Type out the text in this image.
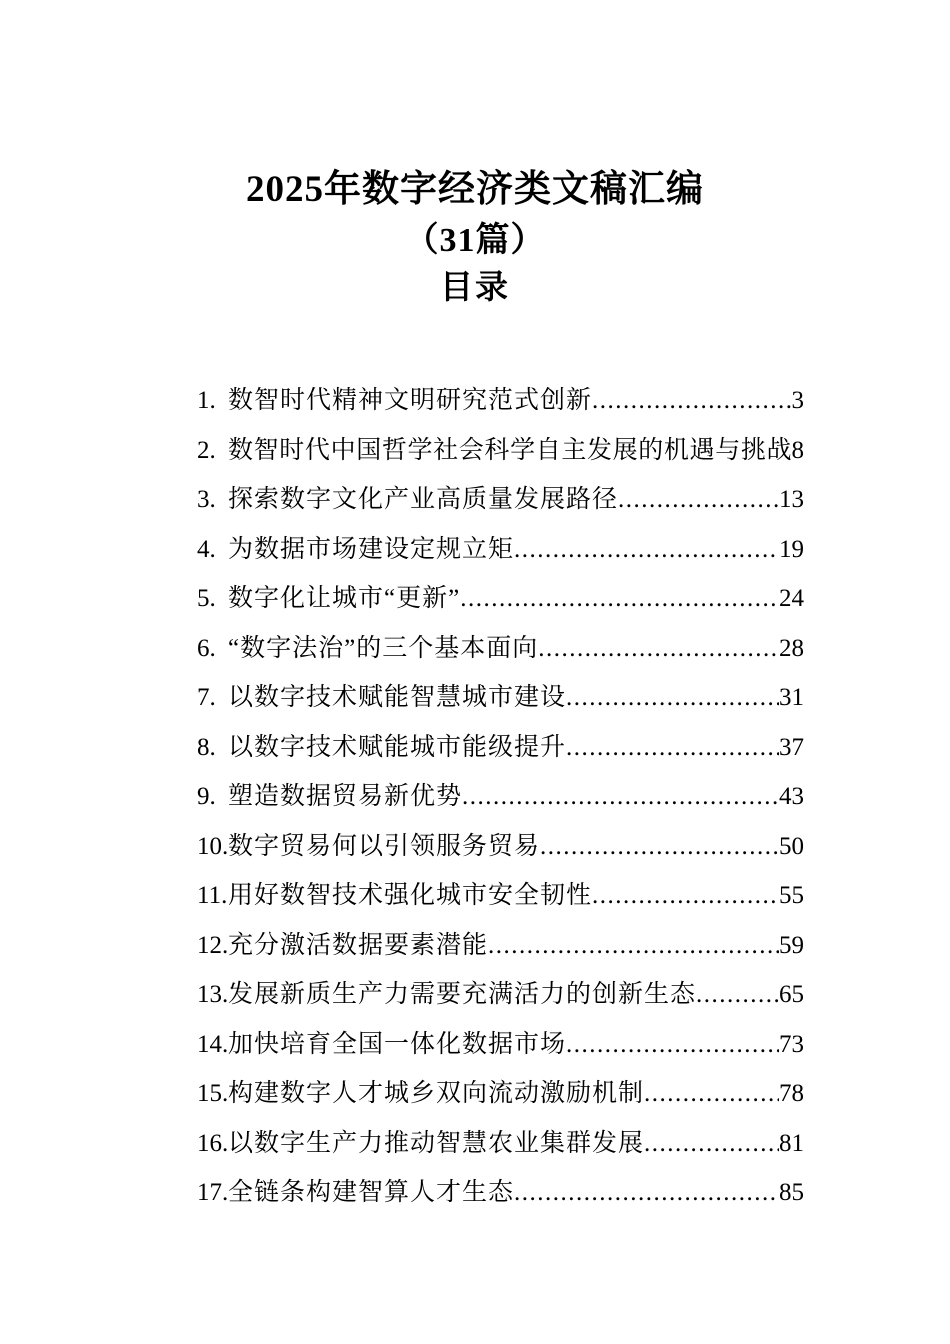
2025年数字经济类文稿汇编
（31篇）
目录
1. 数智时代精神文明研究范式创新 .....	3
2. 数智时代中国哲学社会科学自主发展的机遇与挑战 8
3. 探索数字文化产业高质量发展路径 .....	13
4. 为数据市场建设定规立矩 .....	19
5. 数字化让城市“更新” .....	24
6. “数字法治”的三个基本面向 .....	28
7. 以数字技术赋能智慧城市建设 .....	31
8. 以数字技术赋能城市能级提升 .....	37
9. 塑造数据贸易新优势 .....	43
10. 数字贸易何以引领服务贸易 .....	50
11. 用好数智技术强化城市安全韧性 .....	55
12. 充分激活数据要素潜能 .....	59
13. 发展新质生产力需要充满活力的创新生态 .....	65
14. 加快培育全国一体化数据市场 .....	73
15. 构建数字人才城乡双向流动激励机制 .....	78
16. 以数字生产力推动智慧农业集群发展 .....	81
17. 全链条构建智算人才生态 .....	85
